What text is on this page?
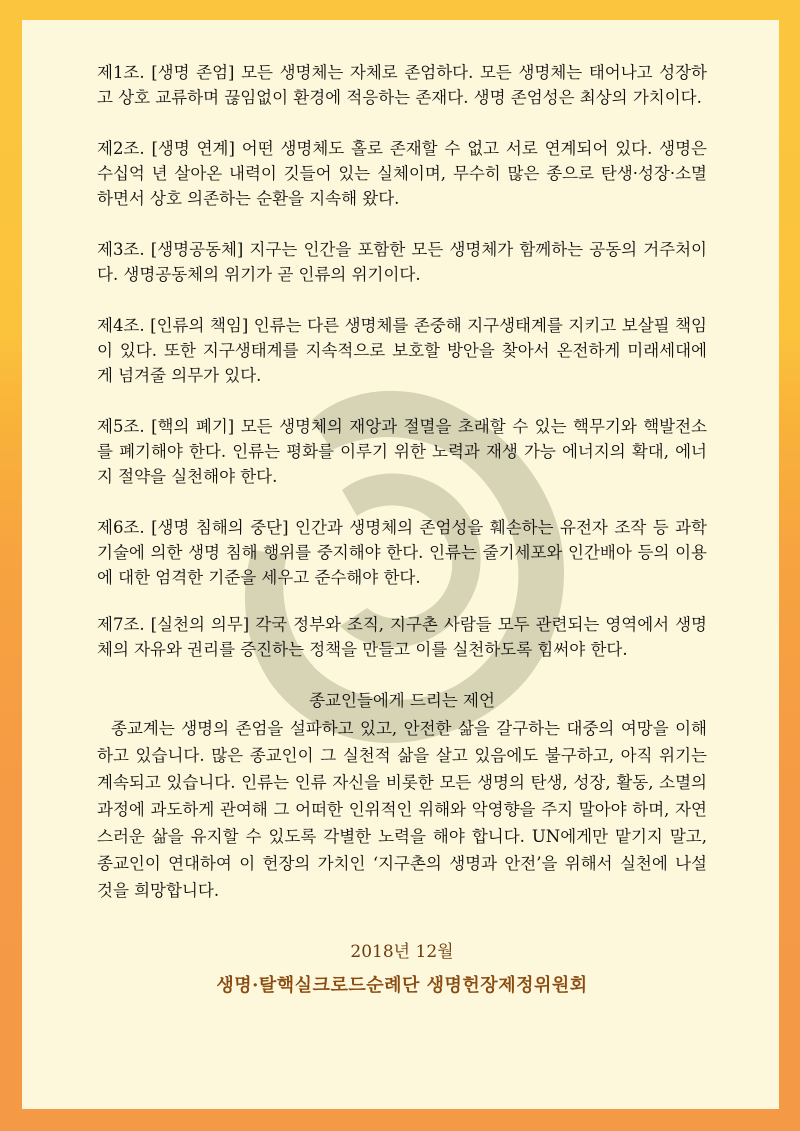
제1조. [생명 존엄] 모든 생명체는 자체로 존엄하다. 모든 생명체는 태어나고 성장하고 상호 교류하며 끊임없이 환경에 적응하는 존재다. 생명 존엄성은 최상의 가치이다.

제2조. [생명 연계] 어떤 생명체도 홀로 존재할 수 없고 서로 연계되어 있다. 생명은 수십억 년 살아온 내력이 깃들어 있는 실체이며, 무수히 많은 종으로 탄생·성장·소멸하면서 상호 의존하는 순환을 지속해 왔다.

제3조. [생명공동체] 지구는 인간을 포함한 모든 생명체가 함께하는 공동의 거주처이다. 생명공동체의 위기가 곧 인류의 위기이다.

제4조. [인류의 책임] 인류는 다른 생명체를 존중해 지구생태계를 지키고 보살필 책임이 있다. 또한 지구생태계를 지속적으로 보호할 방안을 찾아서 온전하게 미래세대에게 넘겨줄 의무가 있다.

제5조. [핵의 폐기] 모든 생명체의 재앙과 절멸을 초래할 수 있는 핵무기와 핵발전소를 폐기해야 한다. 인류는 평화를 이루기 위한 노력과 재생 가능 에너지의 확대, 에너지 절약을 실천해야 한다.

제6조. [생명 침해의 중단] 인간과 생명체의 존엄성을 훼손하는 유전자 조작 등 과학기술에 의한 생명 침해 행위를 중지해야 한다. 인류는 줄기세포와 인간배아 등의 이용에 대한 엄격한 기준을 세우고 준수해야 한다.

제7조. [실천의 의무] 각국 정부와 조직, 지구촌 사람들 모두 관련되는 영역에서 생명체의 자유와 권리를 증진하는 정책을 만들고 이를 실천하도록 힘써야 한다.

종교인들에게 드리는 제언
종교계는 생명의 존엄을 설파하고 있고, 안전한 삶을 갈구하는 대중의 여망을 이해하고 있습니다. 많은 종교인이 그 실천적 삶을 살고 있음에도 불구하고, 아직 위기는 계속되고 있습니다. 인류는 인류 자신을 비롯한 모든 생명의 탄생, 성장, 활동, 소멸의 과정에 과도하게 관여해 그 어떠한 인위적인 위해와 악영향을 주지 말아야 하며, 자연스러운 삶을 유지할 수 있도록 각별한 노력을 해야 합니다. UN에게만 맡기지 말고, 종교인이 연대하여 이 헌장의 가치인 ‘지구촌의 생명과 안전’을 위해서 실천에 나설 것을 희망합니다.
2018년 12월
생명·탈핵실크로드순례단 생명헌장제정위원회
